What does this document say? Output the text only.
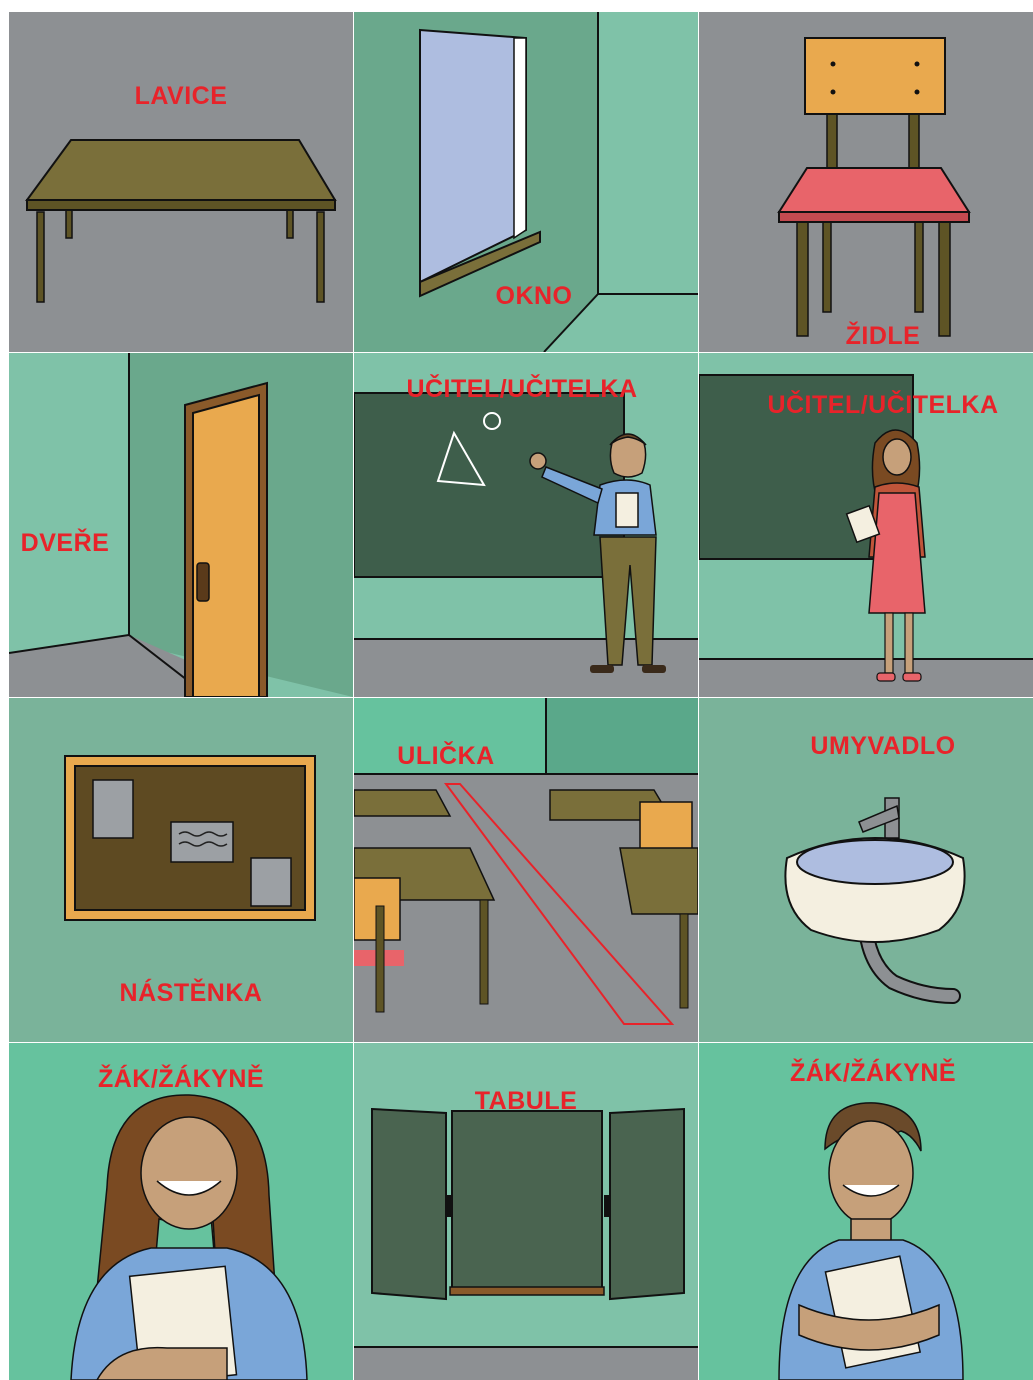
LAVICE
OKNO
ŽIDLE
DVEŘE
UČITEL/UČITELKA
UČITEL/UČITELKA
NÁSTĚNKA
ULIČKA	UMYVADLO
ŽÁK/ŽÁKYNĚ
TABULE
ŽÁK/ŽÁKYNĚ
